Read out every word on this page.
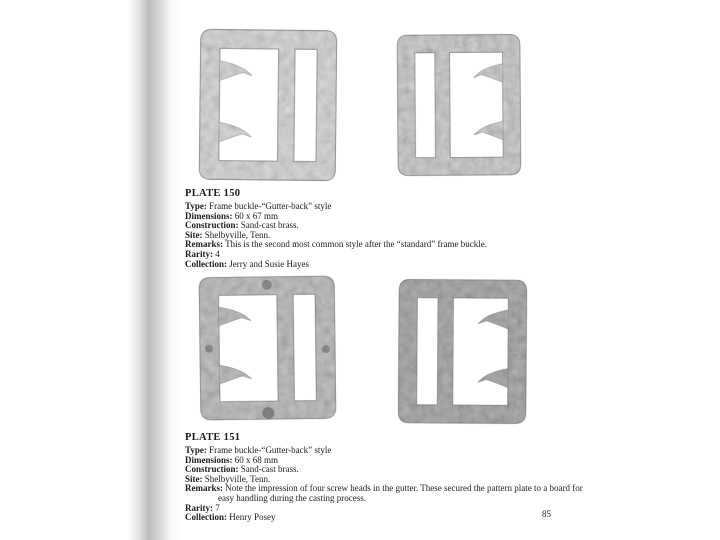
PLATE 150
Type: Frame buckle-“Gutter-back” style
Dimensions: 60 x 67 mm
Construction: Sand-cast brass.
Site: Shelbyville, Tenn.
Remarks: This is the second most common style after the “standard” frame buckle.
Rarity: 4
Collection: Jerry and Susie Hayes
PLATE 151
Type: Frame buckle-“Gutter-back” style
Dimensions: 60 x 68 mm
Construction: Sand-cast brass.
Site: Shelbyville, Tenn.
Remarks: Note the impression of four screw heads in the gutter. These secured the pattern plate to a board for easy handling during the casting process.
Rarity: 7
Collection: Henry Posey	85
